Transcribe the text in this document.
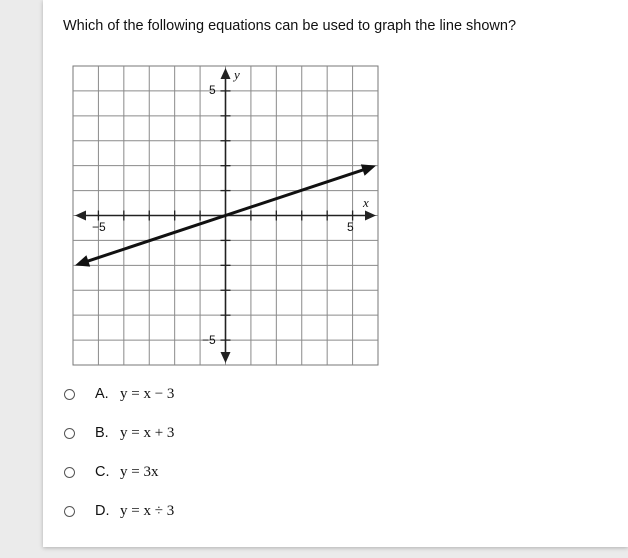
Which of the following equations can be used to graph the line shown?

x
y
−5	5
5
−5
A. y = x − 3
B. y = x + 3
C. y = 3x
D. y = x ÷ 3
